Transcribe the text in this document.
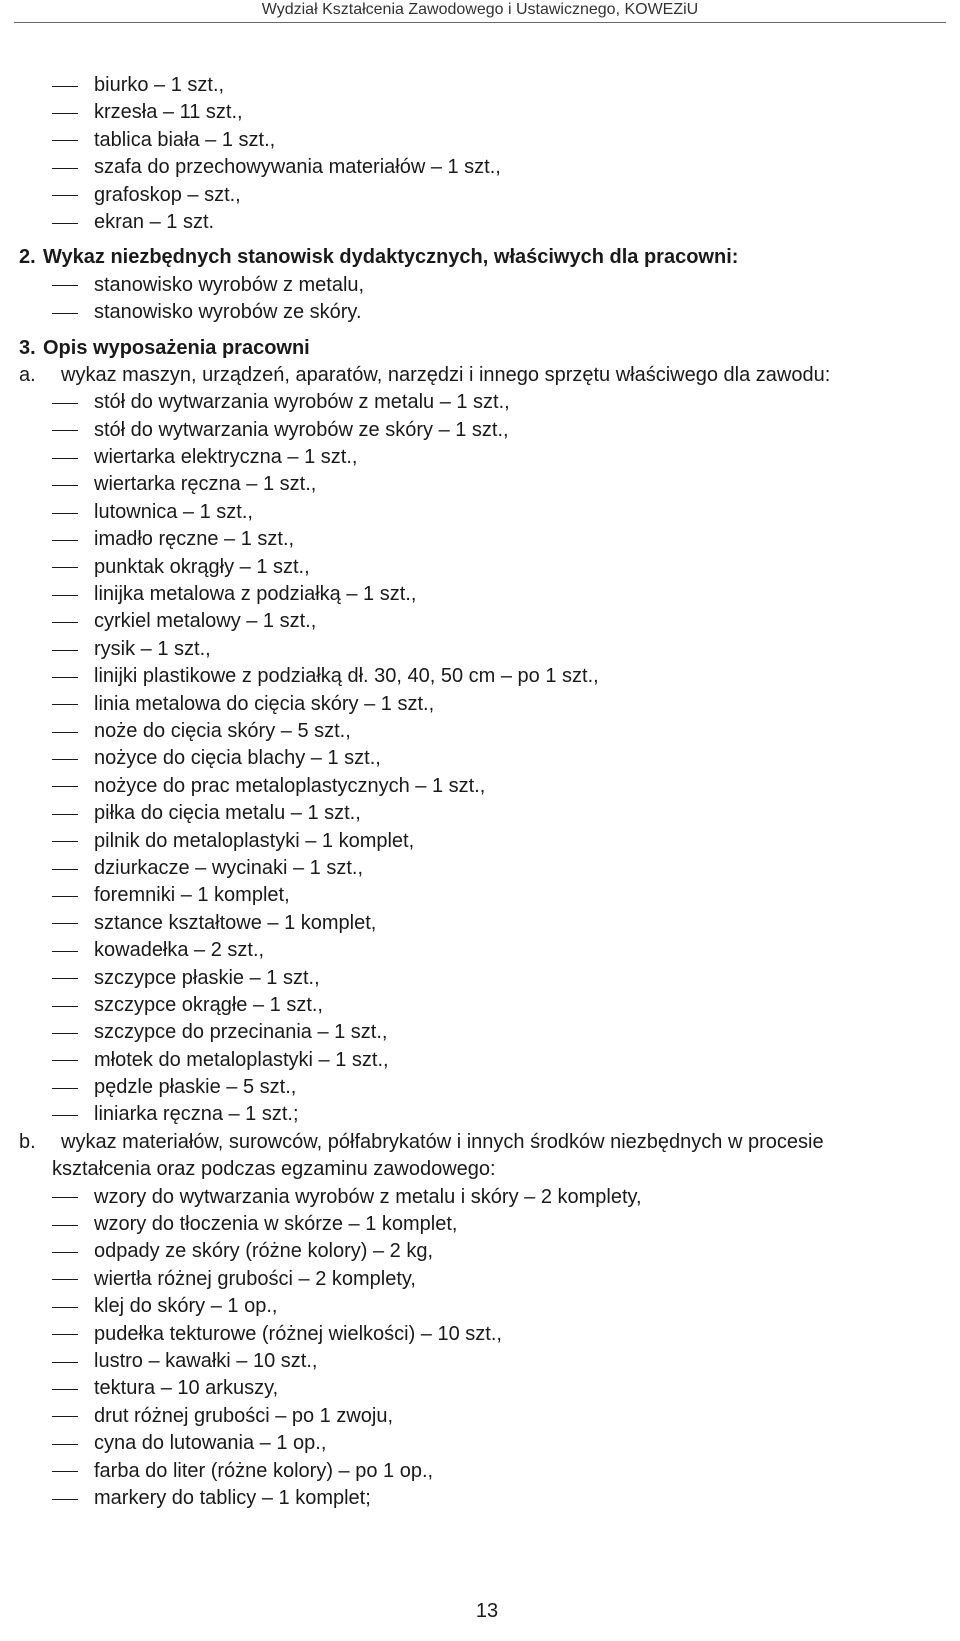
Wydział Kształcenia Zawodowego i Ustawicznego, KOWEZiU
biurko – 1 szt.,
krzesła – 11 szt.,
tablica biała – 1 szt.,
szafa do przechowywania materiałów – 1 szt.,
grafoskop – szt.,
ekran – 1 szt.
2. Wykaz niezbędnych stanowisk dydaktycznych, właściwych dla pracowni:
stanowisko wyrobów z metalu,
stanowisko wyrobów ze skóry.
3. Opis wyposażenia pracowni
a. wykaz maszyn, urządzeń, aparatów, narzędzi i innego sprzętu właściwego dla zawodu:
stół do wytwarzania wyrobów z metalu – 1 szt.,
stół do wytwarzania wyrobów ze skóry – 1 szt.,
wiertarka elektryczna – 1 szt.,
wiertarka ręczna – 1 szt.,
lutownica – 1 szt.,
imadło ręczne – 1 szt.,
punktak okrągły – 1 szt.,
linijka metalowa z podziałką – 1 szt.,
cyrkiel metalowy – 1 szt.,
rysik – 1 szt.,
linijki plastikowe z podziałką dł. 30, 40, 50 cm – po 1 szt.,
linia metalowa do cięcia skóry – 1 szt.,
noże do cięcia skóry – 5 szt.,
nożyce do cięcia blachy – 1 szt.,
nożyce do prac metaloplastycznych – 1 szt.,
piłka do cięcia metalu – 1 szt.,
pilnik do metaloplastyki – 1 komplet,
dziurkacze – wycinaki – 1 szt.,
foremniki – 1 komplet,
sztance kształtowe – 1 komplet,
kowadełka – 2 szt.,
szczypce płaskie – 1 szt.,
szczypce okrągłe – 1 szt.,
szczypce do przecinania – 1 szt.,
młotek do metaloplastyki – 1 szt.,
pędzle płaskie – 5 szt.,
liniarka ręczna – 1 szt.;
b. wykaz materiałów, surowców, półfabrykatów i innych środków niezbędnych w procesie
kształcenia oraz podczas egzaminu zawodowego:
wzory do wytwarzania wyrobów z metalu i skóry – 2 komplety,
wzory do tłoczenia w skórze – 1 komplet,
odpady ze skóry (różne kolory) – 2 kg,
wiertła różnej grubości – 2 komplety,
klej do skóry – 1 op.,
pudełka tekturowe (różnej wielkości) – 10 szt.,
lustro – kawałki – 10 szt.,
tektura – 10 arkuszy,
drut różnej grubości – po 1 zwoju,
cyna do lutowania – 1 op.,
farba do liter (różne kolory) – po 1 op.,
markery do tablicy – 1 komplet;
13
